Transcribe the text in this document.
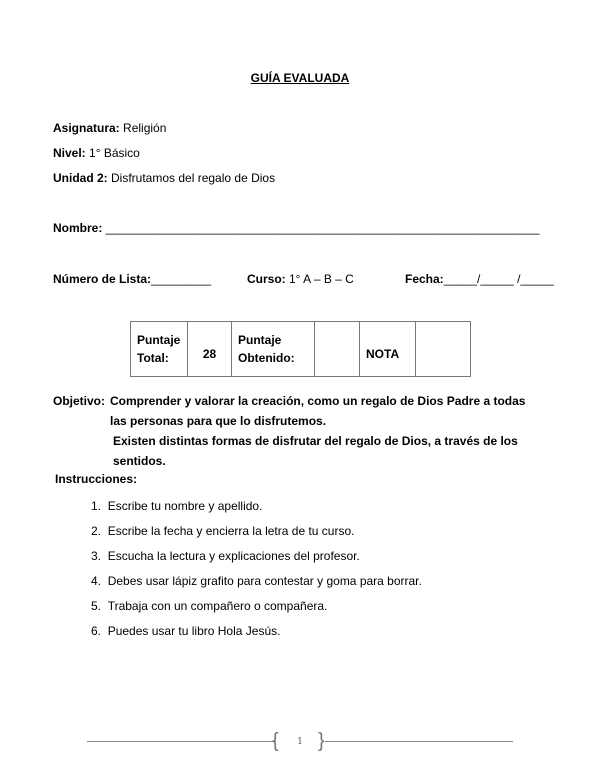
GUÍA EVALUADA
Asignatura: Religión
Nivel: 1° Básico
Unidad 2: Disfrutamos del regalo de Dios
Nombre: _________________________________________________________________
Número de Lista:_________	Curso: 1° A – B – C	Fecha:_____/_____ /_____
Puntaje Total:	28	Puntaje Obtenido:		NOTA	
Objetivo: Comprender y valorar la creación, como un regalo de Dios Padre a todas
las personas para que lo disfrutemos.
Existen distintas formas de disfrutar del regalo de Dios, a través de los
sentidos.
Instrucciones:
1. Escribe tu nombre y apellido.
2. Escribe la fecha y encierra la letra de tu curso.
3. Escucha la lectura y explicaciones del profesor.
4. Debes usar lápiz grafito para contestar y goma para borrar.
5. Trabaja con un compañero o compañera.
6. Puedes usar tu libro Hola Jesús.
{	1 }
